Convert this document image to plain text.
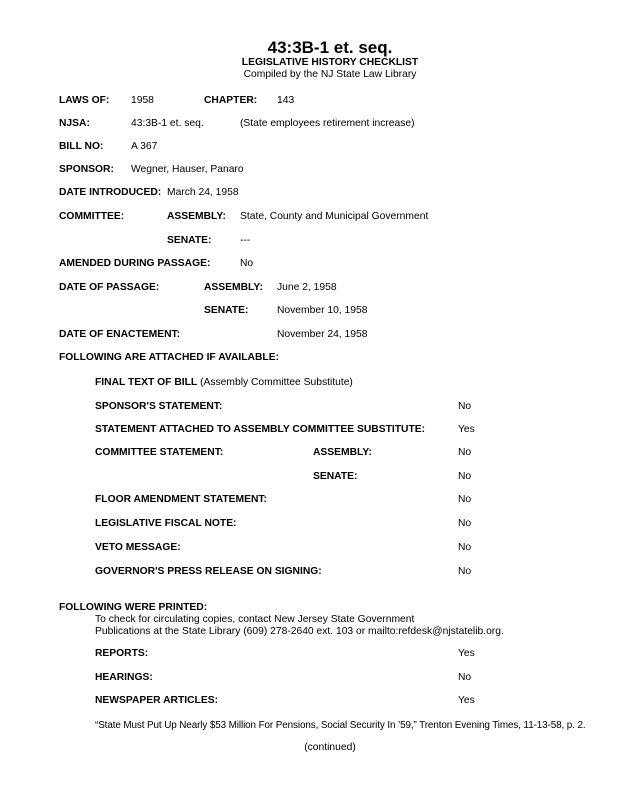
43:3B-1 et. seq.
LEGISLATIVE HISTORY CHECKLIST
Compiled by the NJ State Law Library
LAWS OF: 1958	CHAPTER: 143
NJSA:	43:3B-1 et. seq.	(State employees retirement increase)
BILL NO:	A 367
SPONSOR: Wegner, Hauser, Panaro
DATE INTRODUCED: March 24, 1958
COMMITTEE:	ASSEMBLY: State, County and Municipal Government
SENATE:	---
AMENDED DURING PASSAGE:	No
DATE OF PASSAGE:	ASSEMBLY: June 2, 1958
SENATE:	November 10, 1958
DATE OF ENACTEMENT:	November 24, 1958
FOLLOWING ARE ATTACHED IF AVAILABLE:
FINAL TEXT OF BILL (Assembly Committee Substitute)
SPONSOR'S STATEMENT:	No
STATEMENT ATTACHED TO ASSEMBLY COMMITTEE SUBSTITUTE:	Yes
COMMITTEE STATEMENT:	ASSEMBLY:	No
SENATE:	No
FLOOR AMENDMENT STATEMENT:	No
LEGISLATIVE FISCAL NOTE:	No
VETO MESSAGE:	No
GOVERNOR'S PRESS RELEASE ON SIGNING:	No
FOLLOWING WERE PRINTED:
To check for circulating copies, contact New Jersey State Government
Publications at the State Library (609) 278-2640 ext. 103 or mailto:refdesk@njstatelib.org.
REPORTS:	Yes
HEARINGS:	No
NEWSPAPER ARTICLES:	Yes
“State Must Put Up Nearly $53 Million For Pensions, Social Security In ’59,” Trenton Evening Times, 11-13-58, p. 2.
(continued)
